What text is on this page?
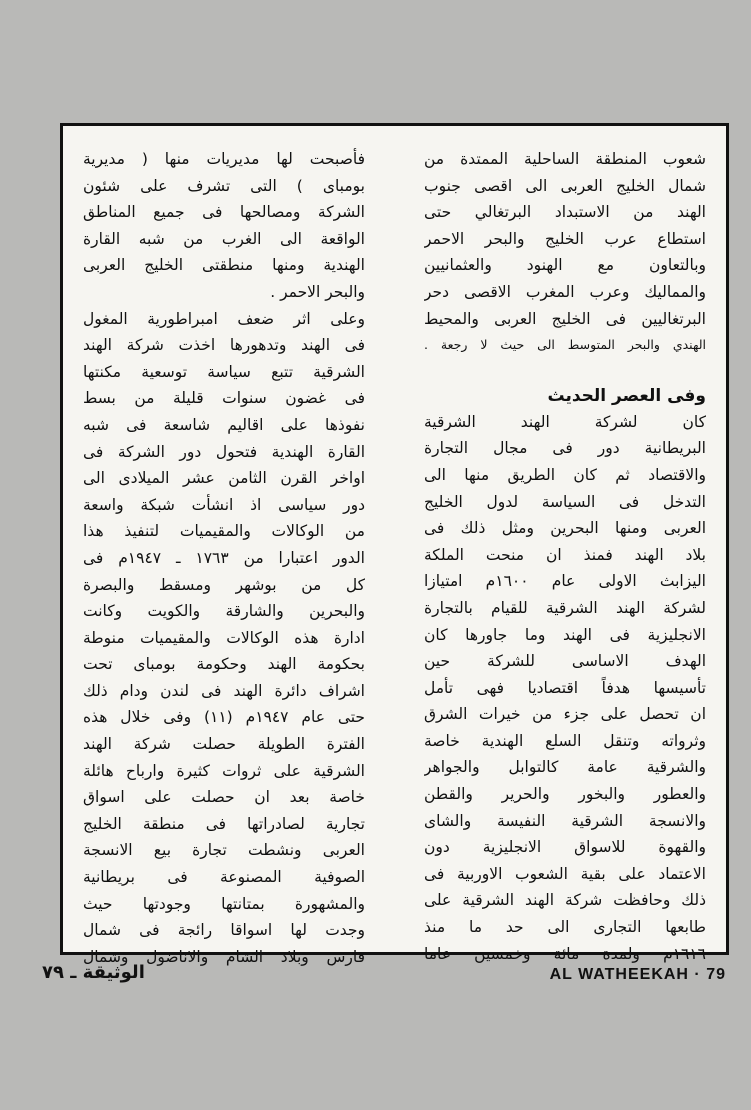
شعوب المنطقة الساحلية الممتدة من
شمال الخليج العربى الى اقصى جنوب
الهند من الاستبداد البرتغالي حتى
استطاع عرب الخليج والبحر الاحمر
وبالتعاون مع الهنود والعثمانيين
والمماليك وعرب المغرب الاقصى دحر
البرتغاليين فى الخليج العربى والمحيط
الهندي والبحر المتوسط الى حيث لا رجعة .
وفى العصر الحديث
كان لشركة الهند الشرقية
البريطانية دور فى مجال التجارة
والاقتصاد ثم كان الطريق منها الى
التدخل فى السياسة لدول الخليج
العربى ومنها البحرين ومثل ذلك فى
بلاد الهند فمنذ ان منحت الملكة
اليزابث الاولى عام ١٦٠٠م امتيازا
لشركة الهند الشرقية للقيام بالتجارة
الانجليزية فى الهند وما جاورها كان
الهدف الاساسى للشركة حين
تأسيسها هدفاً اقتصاديا فهى تأمل
ان تحصل على جزء من خيرات الشرق
وثرواته وتنقل السلع الهندية خاصة
والشرقية عامة كالتوابل والجواهر
والعطور والبخور والحرير والقطن
والانسجة الشرقية النفيسة والشاى
والقهوة للاسواق الانجليزية دون
الاعتماد على بقية الشعوب الاوربية فى
ذلك وحافظت شركة الهند الشرقية على
طابعها التجارى الى حد ما منذ
١٦١٦م ولمدة مائة وخمسين عاما
فأصبحت لها مديريات منها ( مديرية
بومباى ) التى تشرف على شئون
الشركة ومصالحها فى جميع المناطق
الواقعة الى الغرب من شبه القارة
الهندية ومنها منطقتى الخليج العربى
والبحر الاحمر .
وعلى اثر ضعف امبراطورية المغول
فى الهند وتدهورها اخذت شركة الهند
الشرقية تتبع سياسة توسعية مكنتها
فى غضون سنوات قليلة من بسط
نفوذها على اقاليم شاسعة فى شبه
القارة الهندية فتحول دور الشركة فى
اواخر القرن الثامن عشر الميلادى الى
دور سياسى اذ انشأت شبكة واسعة
من الوكالات والمقيميات لتنفيذ هذا
الدور اعتبارا من ١٧٦٣ ـ ١٩٤٧م فى
كل من بوشهر ومسقط والبصرة
والبحرين والشارقة والكويت وكانت
ادارة هذه الوكالات والمقيميات منوطة
بحكومة الهند وحكومة بومباى تحت
اشراف دائرة الهند فى لندن ودام ذلك
حتى عام ١٩٤٧م (١١) وفى خلال هذه
الفترة الطويلة حصلت شركة الهند
الشرقية على ثروات كثيرة وارباح هائلة
خاصة بعد ان حصلت على اسواق
تجارية لصادراتها فى منطقة الخليج
العربى ونشطت تجارة بيع الانسجة
الصوفية المصنوعة فى بريطانية
والمشهورة بمتانتها وجودتها حيث
وجدت لها اسواقا رائجة فى شمال
فارس وبلاد الشام والاناضول وشمال
AL WATHEEKAH · 79
الوثيقة ـ ٧٩
